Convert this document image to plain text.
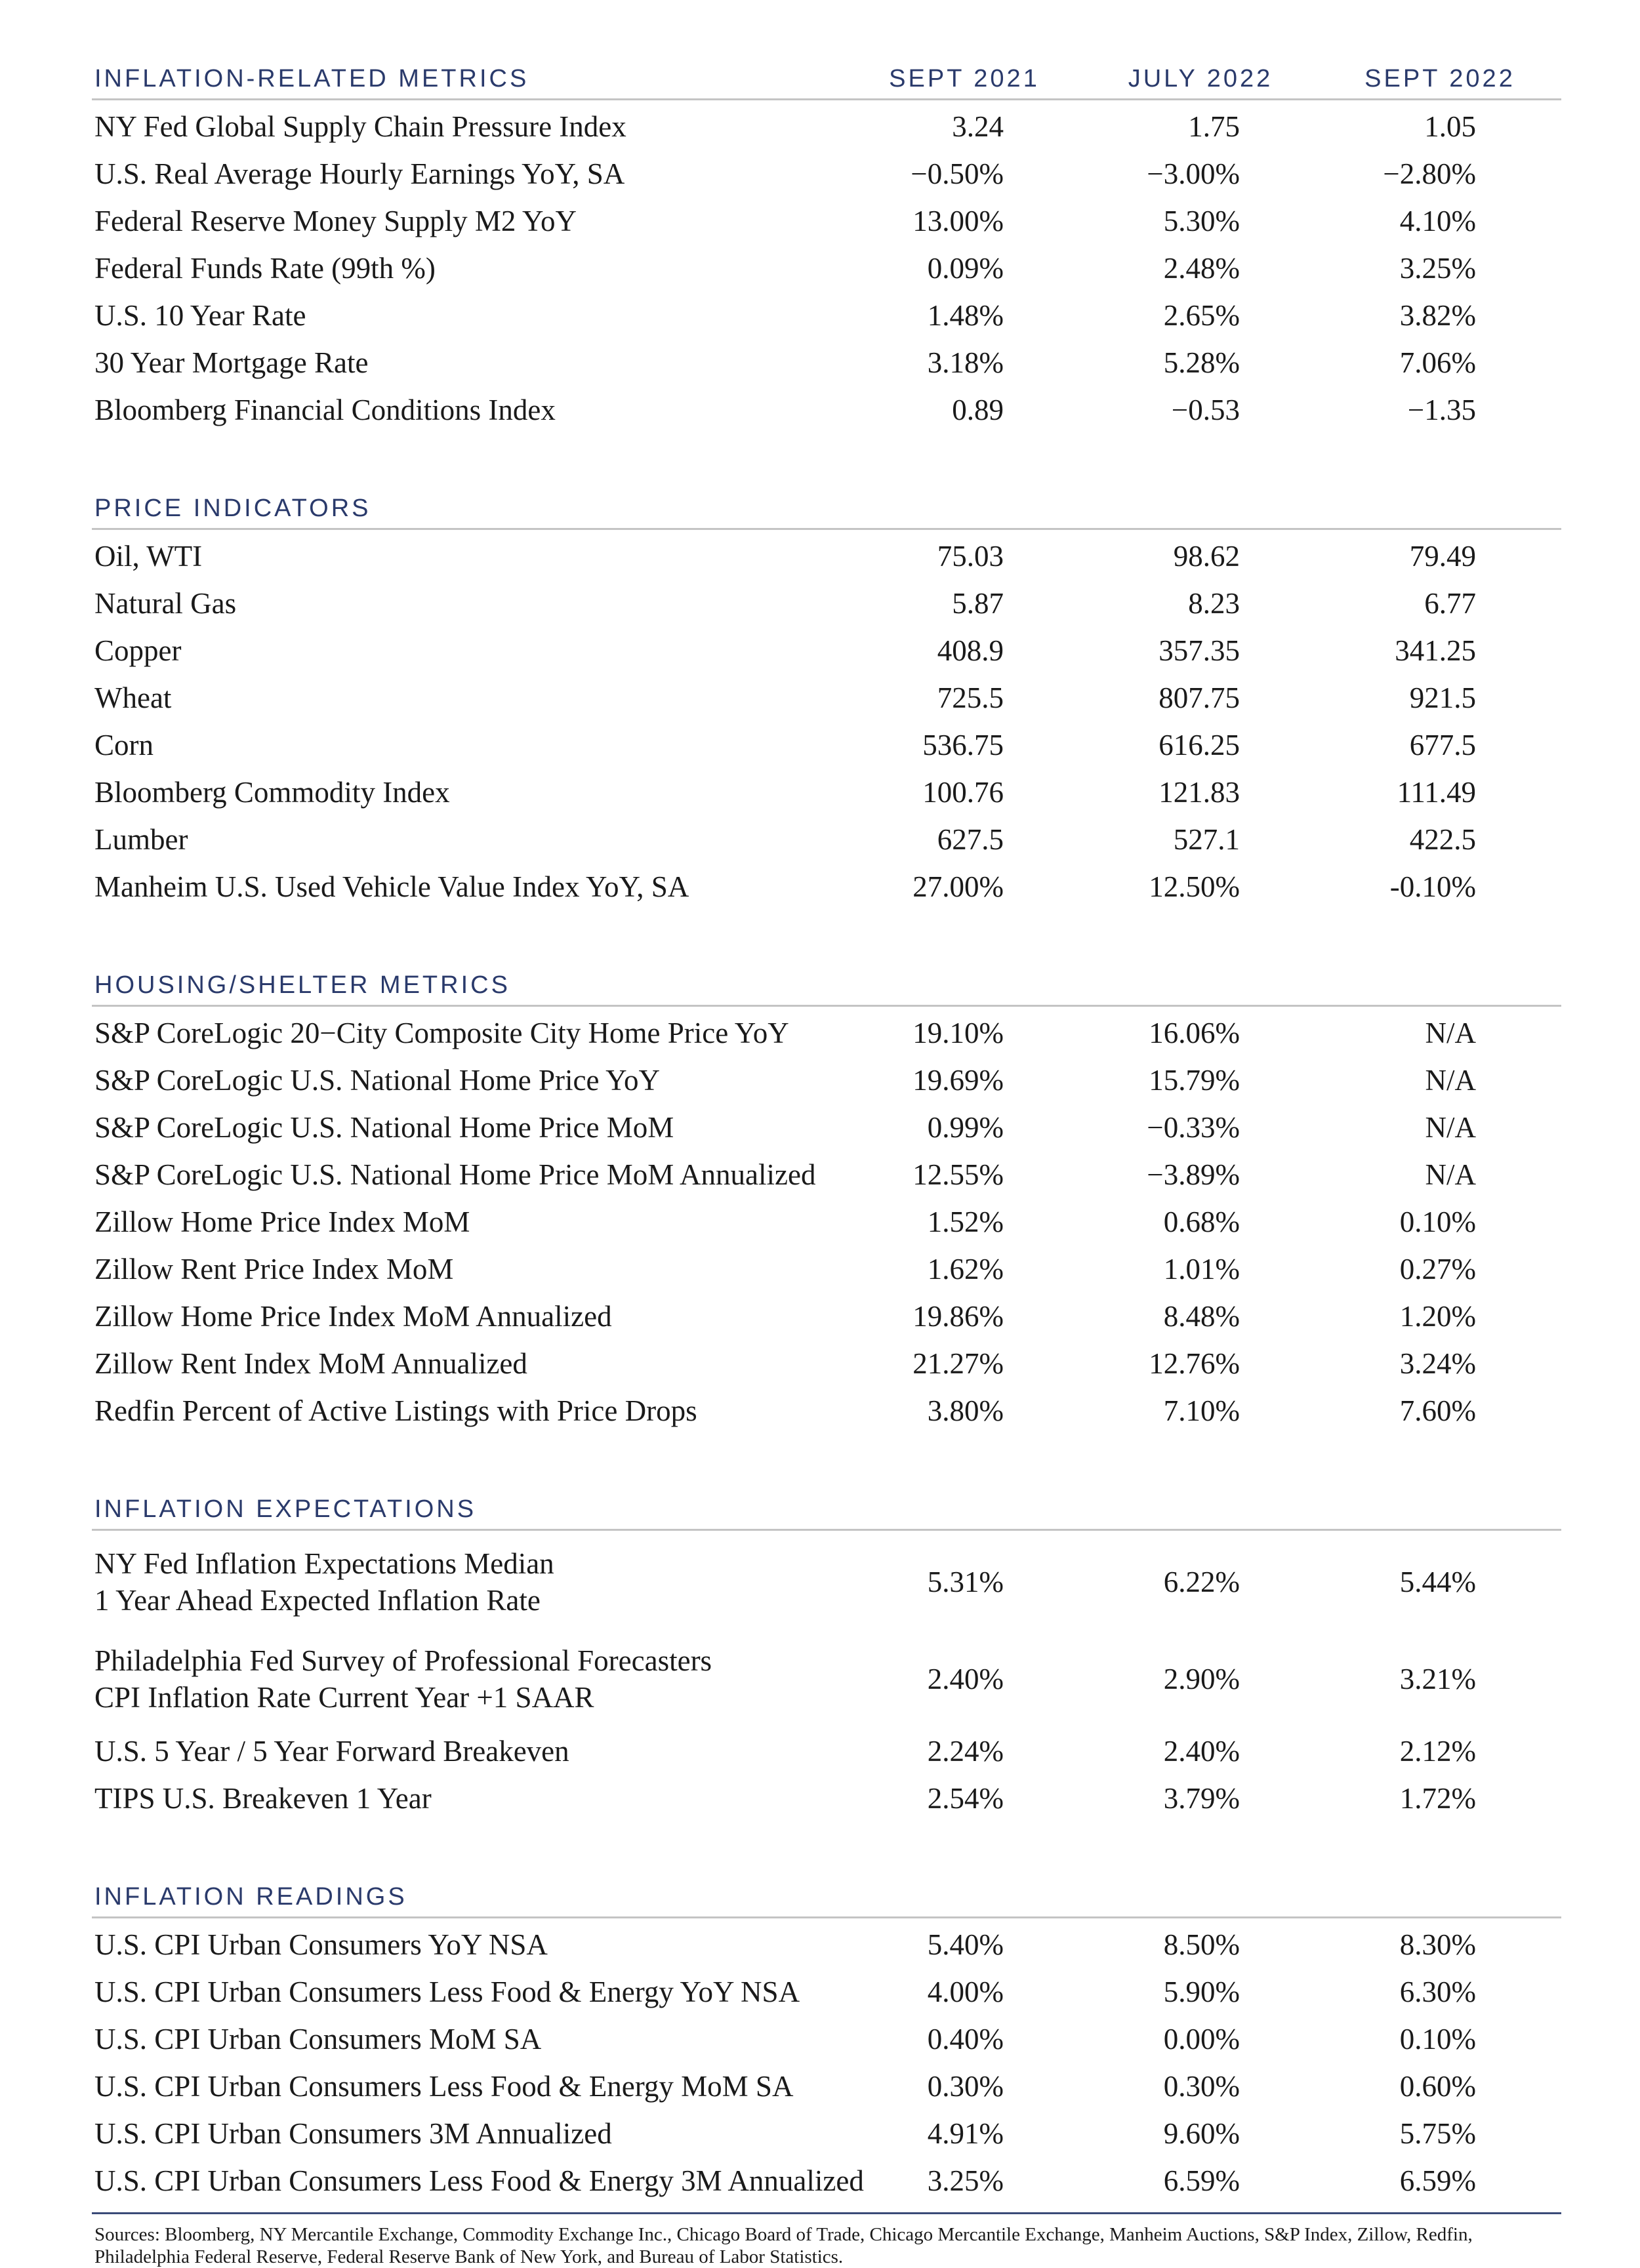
INFLATION-RELATED METRICS	SEPT 2021	JULY 2022	SEPT 2022
NY Fed Global Supply Chain Pressure Index	3.24	1.75	1.05
U.S. Real Average Hourly Earnings YoY, SA	−0.50%	−3.00%	−2.80%
Federal Reserve Money Supply M2 YoY	13.00%	5.30%	4.10%
Federal Funds Rate (99th %)	0.09%	2.48%	3.25%
U.S. 10 Year Rate	1.48%	2.65%	3.82%
30 Year Mortgage Rate	3.18%	5.28%	7.06%
Bloomberg Financial Conditions Index	0.89	−0.53	−1.35
PRICE INDICATORS
Oil, WTI	75.03	98.62	79.49
Natural Gas	5.87	8.23	6.77
Copper	408.9	357.35	341.25
Wheat	725.5	807.75	921.5
Corn	536.75	616.25	677.5
Bloomberg Commodity Index	100.76	121.83	111.49
Lumber	627.5	527.1	422.5
Manheim U.S. Used Vehicle Value Index YoY, SA	27.00%	12.50%	-0.10%
HOUSING/SHELTER METRICS
S&P CoreLogic 20−City Composite City Home Price YoY	19.10%	16.06%	N/A
S&P CoreLogic U.S. National Home Price YoY	19.69%	15.79%	N/A
S&P CoreLogic U.S. National Home Price MoM	0.99%	−0.33%	N/A
S&P CoreLogic U.S. National Home Price MoM Annualized	12.55%	−3.89%	N/A
Zillow Home Price Index MoM	1.52%	0.68%	0.10%
Zillow Rent Price Index MoM	1.62%	1.01%	0.27%
Zillow Home Price Index MoM Annualized	19.86%	8.48%	1.20%
Zillow Rent Index MoM Annualized	21.27%	12.76%	3.24%
Redfin Percent of Active Listings with Price Drops	3.80%	7.10%	7.60%
INFLATION EXPECTATIONS
NY Fed Inflation Expectations Median
1 Year Ahead Expected Inflation Rate
5.31%	6.22%	5.44%
Philadelphia Fed Survey of Professional Forecasters
CPI Inflation Rate Current Year +1 SAAR
2.40%	2.90%	3.21%
U.S. 5 Year / 5 Year Forward Breakeven	2.24%	2.40%	2.12%
TIPS U.S. Breakeven 1 Year	2.54%	3.79%	1.72%
INFLATION READINGS
U.S. CPI Urban Consumers YoY NSA	5.40%	8.50%	8.30%
U.S. CPI Urban Consumers Less Food & Energy YoY NSA	4.00%	5.90%	6.30%
U.S. CPI Urban Consumers MoM SA	0.40%	0.00%	0.10%
U.S. CPI Urban Consumers Less Food & Energy MoM SA	0.30%	0.30%	0.60%
U.S. CPI Urban Consumers 3M Annualized	4.91%	9.60%	5.75%
U.S. CPI Urban Consumers Less Food & Energy 3M Annualized	3.25%	6.59%	6.59%
Sources: Bloomberg, NY Mercantile Exchange, Commodity Exchange Inc., Chicago Board of Trade, Chicago Mercantile Exchange, Manheim Auctions, S&P Index, Zillow, Redfin, Philadelphia Federal Reserve, Federal Reserve Bank of New York, and Bureau of Labor Statistics.
